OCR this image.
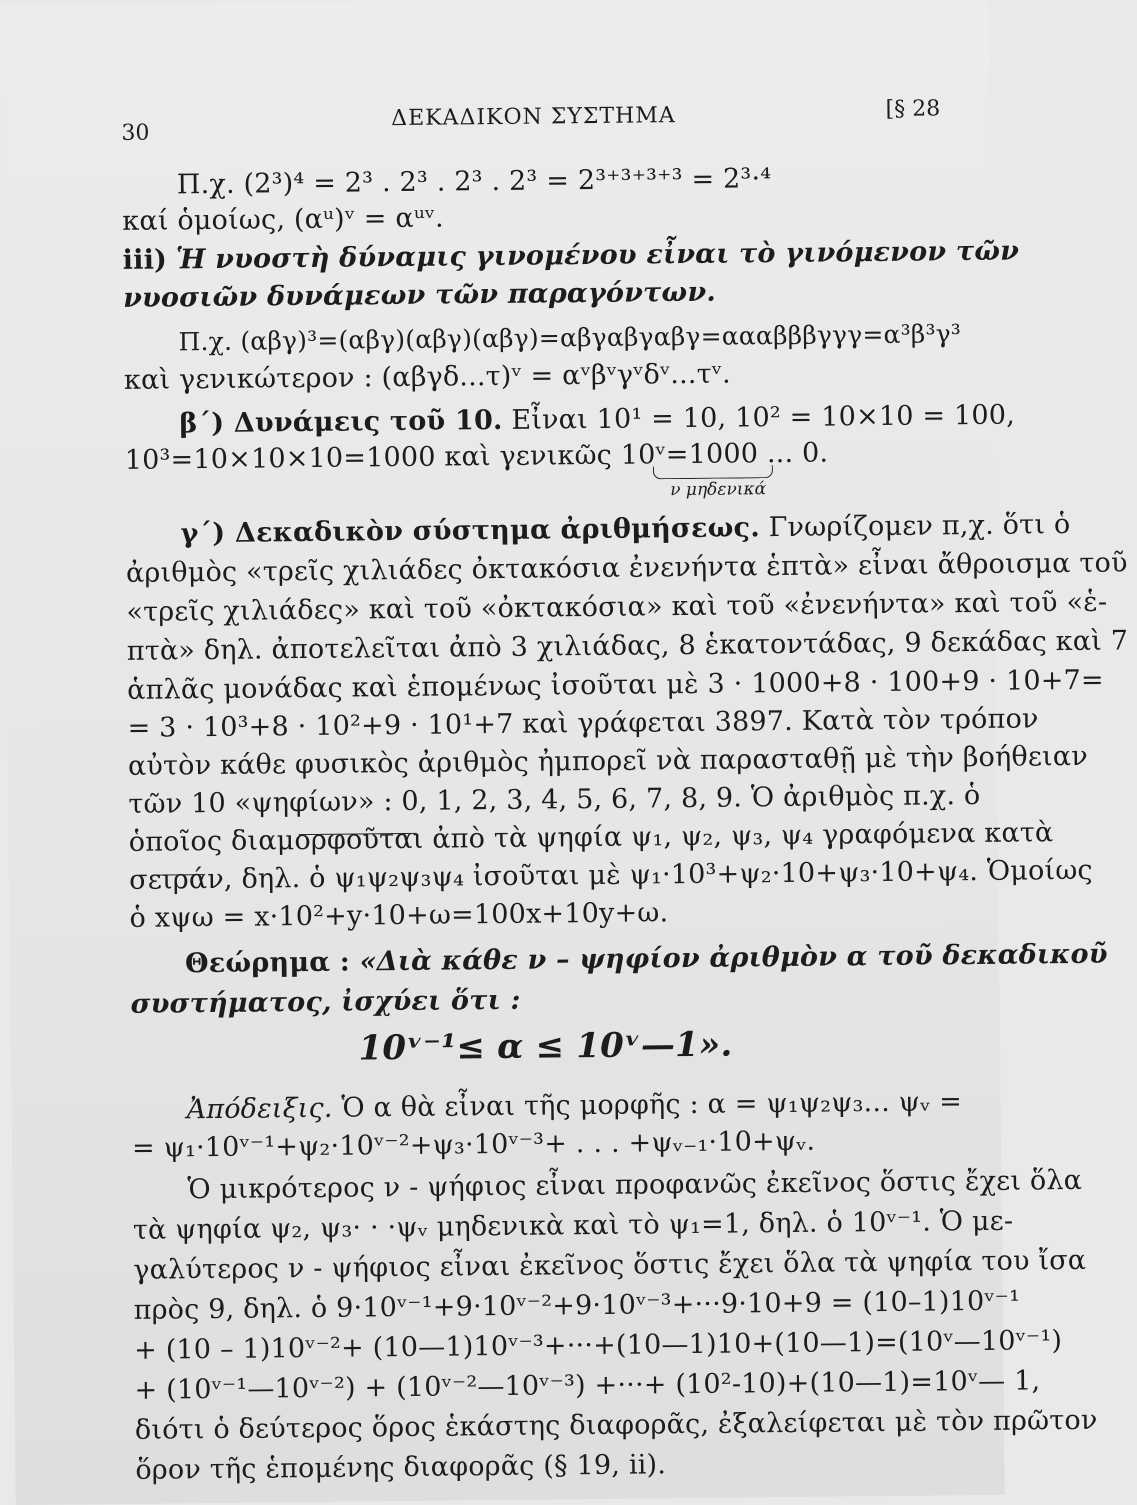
30
ΔΕΚΑΔΙΚΟΝ ΣΥΣΤΗΜΑ	[§ 28
Π.χ. (2³)⁴ = 2³ . 2³ . 2³ . 2³ = 2³⁺³⁺³⁺³ = 2³·⁴
καί ὁμοίως, (αᵘ)ᵛ = αᵘᵛ.
iii) Ἡ νυοστὴ δύναμις γινομένου εἶναι τὸ γινόμενον τῶν
νυοσιῶν δυνάμεων τῶν παραγόντων.
Π.χ. (αβγ)³=(αβγ)(αβγ)(αβγ)=αβγαβγαβγ=αααβββγγγ=α³β³γ³
καὶ γενικώτερον : (αβγδ...τ)ᵛ = αᵛβᵛγᵛδᵛ...τᵛ.
β΄) Δυνάμεις τοῦ 10. Εἶναι 10¹ = 10, 10² = 10×10 = 100,
10³=10×10×10=1000 καὶ γενικῶς 10ᵛ=1000 ... 0.
ν μηδενικά
γ΄) Δεκαδικὸν σύστημα ἀριθμήσεως. Γνωρίζομεν π,χ. ὅτι ὁ
ἀριθμὸς «τρεῖς χιλιάδες ὀκτακόσια ἐνενήντα ἑπτὰ» εἶναι ἄθροισμα τοῦ
«τρεῖς χιλιάδες» καὶ τοῦ «ὀκτακόσια» καὶ τοῦ «ἐνενήντα» καὶ τοῦ «ἑ-
πτὰ» δηλ. ἀποτελεῖται ἀπὸ 3 χιλιάδας, 8 ἑκατοντάδας, 9 δεκάδας καὶ 7
ἁπλᾶς μονάδας καὶ ἑπομένως ἰσοῦται μὲ 3 · 1000+8 · 100+9 · 10+7=
= 3 · 10³+8 · 10²+9 · 10¹+7 καὶ γράφεται 3897. Κατὰ τὸν τρόπον
αὐτὸν κάθε φυσικὸς ἀριθμὸς ἠμπορεῖ νὰ παρασταθῇ μὲ τὴν βοήθειαν
τῶν 10 «ψηφίων» : 0, 1, 2, 3, 4, 5, 6, 7, 8, 9. Ὁ ἀριθμὸς π.χ. ὁ
ὁποῖος διαμορφοῦται ἀπὸ τὰ ψηφία ψ₁, ψ₂, ψ₃, ψ₄ γραφόμενα κατὰ
σειράν, δηλ. ὁ ψ₁ψ₂ψ₃ψ₄ ἰσοῦται μὲ ψ₁·10³+ψ₂·10+ψ₃·10+ψ₄. Ὁμοίως
ὁ xψω = x·10²+y·10+ω=100x+10y+ω.
Θεώρημα : «Διὰ κάθε ν – ψηφίον ἀριθμὸν α τοῦ δεκαδικοῦ
συστήματος, ἰσχύει ὅτι :
10ᵛ⁻¹≤ α ≤ 10ᵛ—1».
Ἀπόδειξις. Ὁ α θὰ εἶναι τῆς μορφῆς : α = ψ₁ψ₂ψ₃... ψᵥ =
= ψ₁·10ᵛ⁻¹+ψ₂·10ᵛ⁻²+ψ₃·10ᵛ⁻³+ . . . +ψᵥ₋₁·10+ψᵥ.
Ὁ μικρότερος ν - ψήφιος εἶναι προφανῶς ἐκεῖνος ὅστις ἔχει ὅλα
τὰ ψηφία ψ₂, ψ₃· · ·ψᵥ μηδενικὰ καὶ τὸ ψ₁=1, δηλ. ὁ 10ᵛ⁻¹. Ὁ με-
γαλύτερος ν - ψήφιος εἶναι ἐκεῖνος ὅστις ἔχει ὅλα τὰ ψηφία του ἴσα
πρὸς 9, δηλ. ὁ 9·10ᵛ⁻¹+9·10ᵛ⁻²+9·10ᵛ⁻³+···9·10+9 = (10–1)10ᵛ⁻¹
+ (10 – 1)10ᵛ⁻²+ (10—1)10ᵛ⁻³+···+(10—1)10+(10—1)=(10ᵛ—10ᵛ⁻¹)
+ (10ᵛ⁻¹—10ᵛ⁻²) + (10ᵛ⁻²—10ᵛ⁻³) +···+ (10²-10)+(10—1)=10ᵛ— 1,
διότι ὁ δεύτερος ὅρος ἑκάστης διαφορᾶς, ἐξαλείφεται μὲ τὸν πρῶτον
ὅρον τῆς ἑπομένης διαφορᾶς (§ 19, ii).
